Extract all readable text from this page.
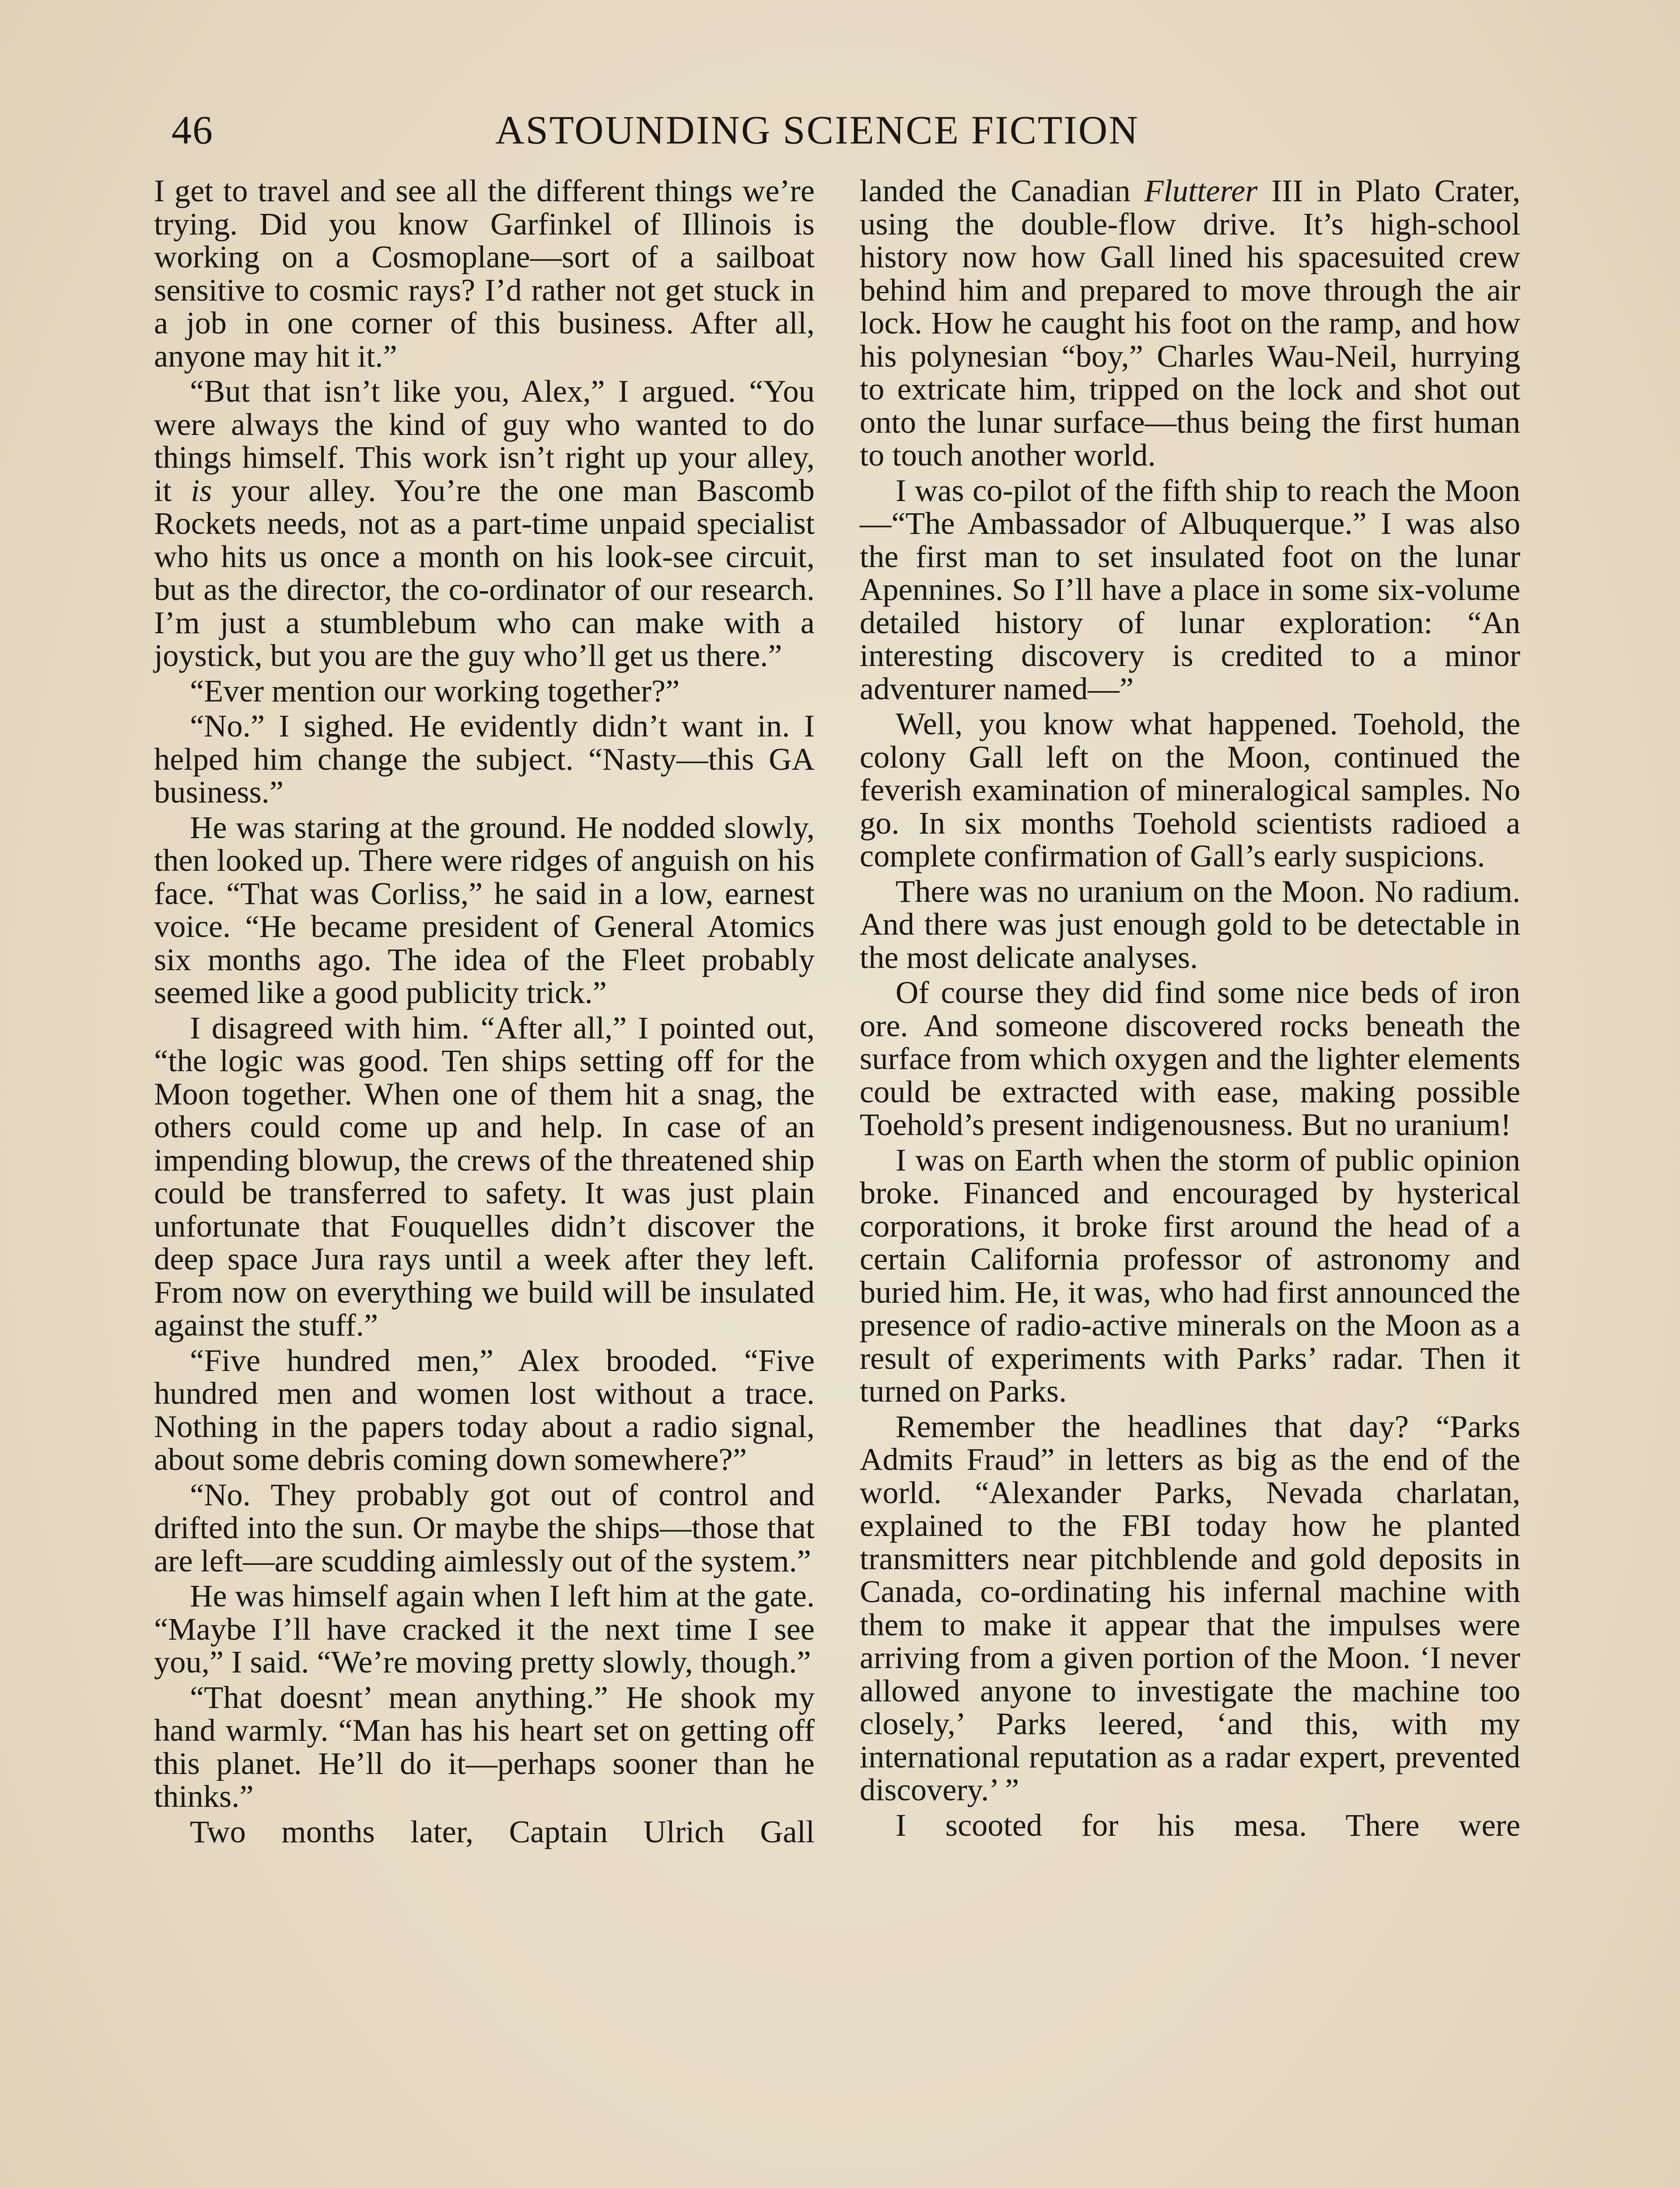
46	ASTOUNDING SCIENCE FICTION

I get to travel and see all the different things we’re trying. Did you know Garfinkel of Illinois is working on a Cosmoplane—sort of a sailboat sensitive to cosmic rays? I’d rather not get stuck in a job in one corner of this business. After all, anyone may hit it.”

“But that isn’t like you, Alex,” I argued. “You were always the kind of guy who wanted to do things himself. This work isn’t right up your alley, it is your alley. You’re the one man Bascomb Rockets needs, not as a part-time unpaid specialist who hits us once a month on his look-see circuit, but as the director, the co-ordinator of our research. I’m just a stumblebum who can make with a joystick, but you are the guy who’ll get us there.”

“Ever mention our working together?”

“No.” I sighed. He evidently didn’t want in. I helped him change the subject. “Nasty—this GA business.”

He was staring at the ground. He nodded slowly, then looked up. There were ridges of anguish on his face. “That was Corliss,” he said in a low, earnest voice. “He became president of General Atomics six months ago. The idea of the Fleet probably seemed like a good publicity trick.”

I disagreed with him. “After all,” I pointed out, “the logic was good. Ten ships setting off for the Moon together. When one of them hit a snag, the others could come up and help. In case of an impending blowup, the crews of the threatened ship could be transferred to safety. It was just plain unfortunate that Fouquelles didn’t discover the deep space Jura rays until a week after they left. From now on everything we build will be insulated against the stuff.”

“Five hundred men,” Alex brooded. “Five hundred men and women lost without a trace. Nothing in the papers today about a radio signal, about some debris coming down somewhere?”

“No. They probably got out of control and drifted into the sun. Or maybe the ships—those that are left—are scudding aimlessly out of the system.”

He was himself again when I left him at the gate. “Maybe I’ll have cracked it the next time I see you,” I said. “We’re moving pretty slowly, though.”

“That doesnt’ mean anything.” He shook my hand warmly. “Man has his heart set on getting off this planet. He’ll do it—perhaps sooner than he thinks.”

Two months later, Captain Ulrich Gall

landed the Canadian Flutterer III in Plato Crater, using the double-flow drive. It’s high-school history now how Gall lined his spacesuited crew behind him and prepared to move through the air lock. How he caught his foot on the ramp, and how his polynesian “boy,” Charles Wau-Neil, hurrying to extricate him, tripped on the lock and shot out onto the lunar surface—thus being the first human to touch another world.

I was co-pilot of the fifth ship to reach the Moon—“The Ambassador of Albuquerque.” I was also the first man to set insulated foot on the lunar Apennines. So I’ll have a place in some six-volume detailed history of lunar exploration: “An interesting discovery is credited to a minor adventurer named—”

Well, you know what happened. Toehold, the colony Gall left on the Moon, continued the feverish examination of mineralogical samples. No go. In six months Toehold scientists radioed a complete confirmation of Gall’s early suspicions.

There was no uranium on the Moon. No radium. And there was just enough gold to be detectable in the most delicate analyses.

Of course they did find some nice beds of iron ore. And someone discovered rocks beneath the surface from which oxygen and the lighter elements could be extracted with ease, making possible Toehold’s present indigenousness. But no uranium!

I was on Earth when the storm of public opinion broke. Financed and encouraged by hysterical corporations, it broke first around the head of a certain California professor of astronomy and buried him. He, it was, who had first announced the presence of radio-active minerals on the Moon as a result of experiments with Parks’ radar. Then it turned on Parks.

Remember the headlines that day? “Parks Admits Fraud” in letters as big as the end of the world. “Alexander Parks, Nevada charlatan, explained to the FBI today how he planted transmitters near pitchblende and gold deposits in Canada, co-ordinating his infernal machine with them to make it appear that the impulses were arriving from a given portion of the Moon. ‘I never allowed anyone to investigate the machine too closely,’ Parks leered, ‘and this, with my international reputation as a radar expert, prevented discovery.’ ”

I scooted for his mesa. There were
